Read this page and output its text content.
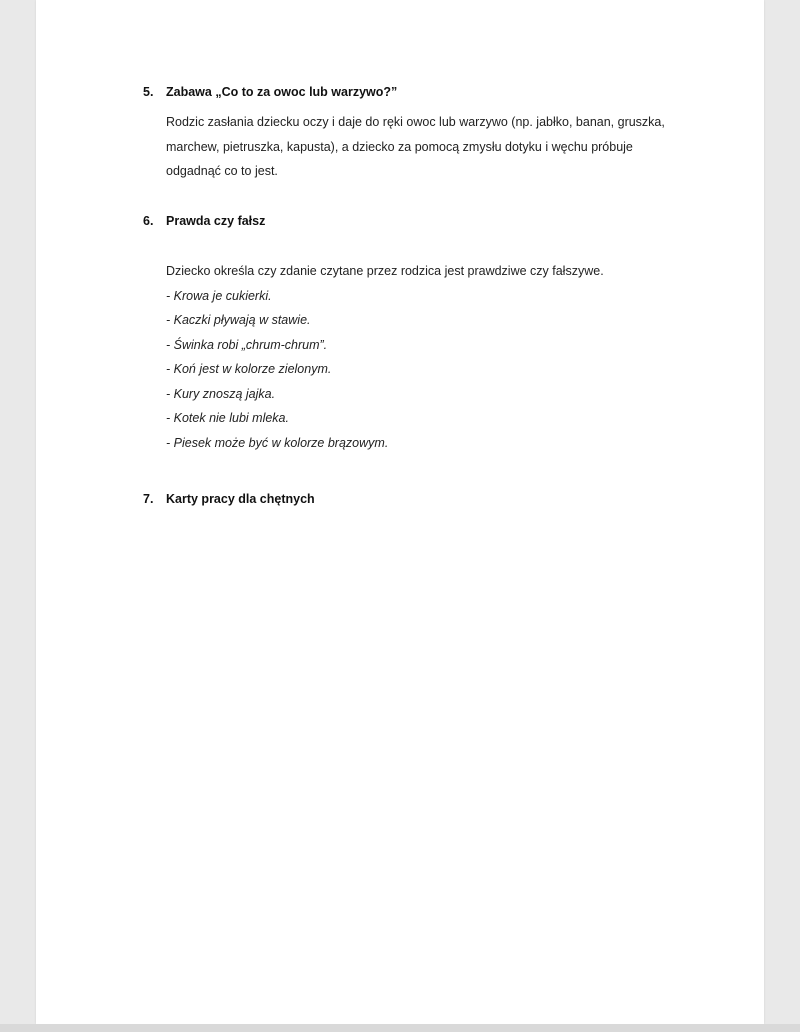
5. Zabawa „Co to za owoc lub warzywo?”
Rodzic zasłania dziecku oczy i daje do ręki owoc lub warzywo (np. jabłko, banan, gruszka,
marchew, pietruszka, kapusta), a dziecko za pomocą zmysłu dotyku i węchu próbuje
odgadnąć co to jest.
6. Prawda czy fałsz
Dziecko określa czy zdanie czytane przez rodzica jest prawdziwe czy fałszywe.
- Krowa je cukierki.
- Kaczki pływają w stawie.
- Świnka robi „chrum-chrum”.
- Koń jest w kolorze zielonym.
- Kury znoszą jajka.
- Kotek nie lubi mleka.
- Piesek może być w kolorze brązowym.
7. Karty pracy dla chętnych
